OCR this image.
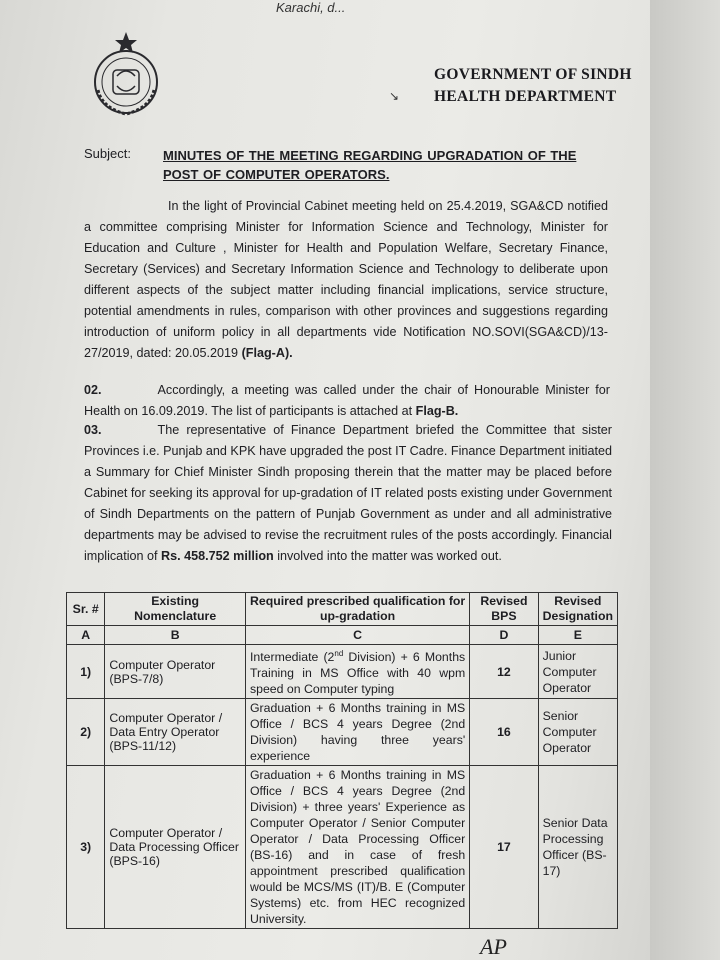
Karachi, d...
GOVERNMENT OF SINDH
HEALTH DEPARTMENT
↘
Subject: MINUTES OF THE MEETING REGARDING UPGRADATION OF THE POST OF COMPUTER OPERATORS.
In the light of Provincial Cabinet meeting held on 25.4.2019, SGA&CD notified a committee comprising Minister for Information Science and Technology, Minister for Education and Culture , Minister for Health and Population Welfare, Secretary Finance, Secretary (Services) and Secretary Information Science and Technology to deliberate upon different aspects of the subject matter including financial implications, service structure, potential amendments in rules, comparison with other provinces and suggestions regarding introduction of uniform policy in all departments vide Notification NO.SOVI(SGA&CD)/13-27/2019, dated: 20.05.2019 (Flag-A).
02.	Accordingly, a meeting was called under the chair of Honourable Minister for Health on 16.09.2019. The list of participants is attached at Flag-B.
03.	The representative of Finance Department briefed the Committee that sister Provinces i.e. Punjab and KPK have upgraded the post IT Cadre. Finance Department initiated a Summary for Chief Minister Sindh proposing therein that the matter may be placed before Cabinet for seeking its approval for up-gradation of IT related posts existing under Government of Sindh Departments on the pattern of Punjab Government as under and all administrative departments may be advised to revise the recruitment rules of the posts accordingly. Financial implication of Rs. 458.752 million involved into the matter was worked out.
Sr. #	Existing Nomenclature	Required prescribed qualification for up-gradation	Revised BPS	Revised Designation
A	B	C	D	E
1)	Computer Operator (BPS-7/8)	Intermediate (2nd Division) + 6 Months Training in MS Office with 40 wpm speed on Computer typing	12	Junior Computer Operator
2)	Computer Operator / Data Entry Operator (BPS-11/12)	Graduation + 6 Months training in MS Office / BCS 4 years Degree (2nd Division) having three years' experience	16	Senior Computer Operator
3)	Computer Operator / Data Processing Officer (BPS-16)	Graduation + 6 Months training in MS Office / BCS 4 years Degree (2nd Division) + three years' Experience as Computer Operator / Senior Computer Operator / Data Processing Officer (BS-16) and in case of fresh appointment prescribed qualification would be MCS/MS (IT)/B. E (Computer Systems) etc. from HEC recognized University.	17	Senior Data Processing Officer (BS-17)
AP
